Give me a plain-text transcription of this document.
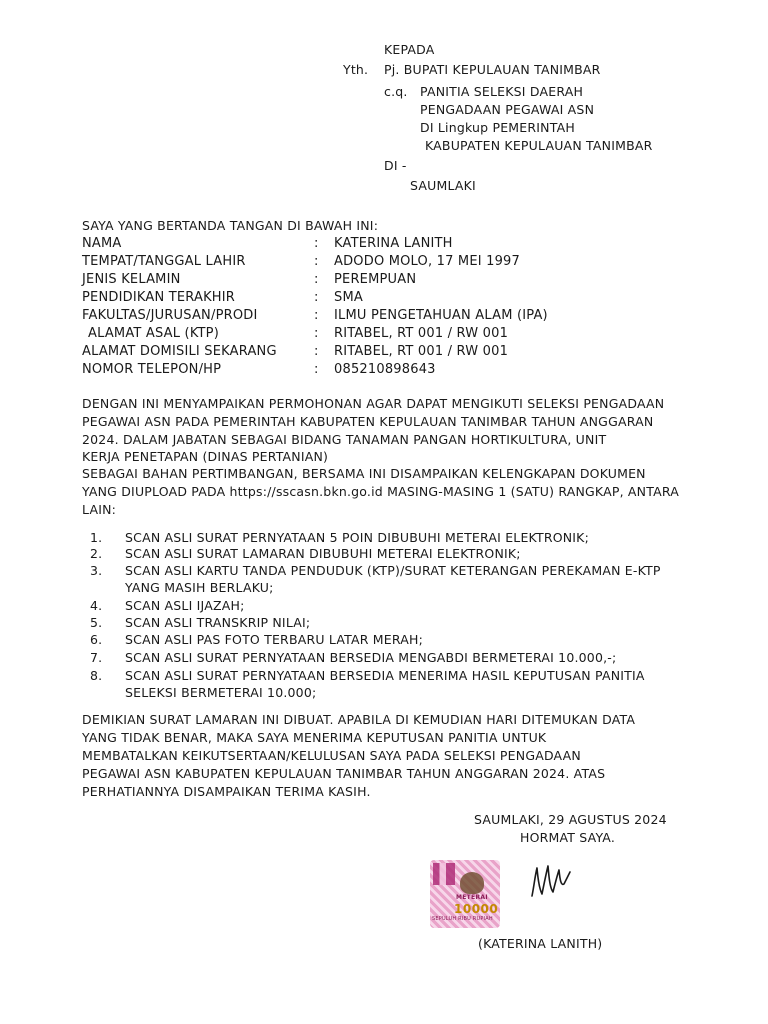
KEPADA
Yth. Pj. BUPATI KEPULAUAN TANIMBAR
c.q. PANITIA SELEKSI DAERAH
PENGADAAN PEGAWAI ASN
DI Lingkup PEMERINTAH
KABUPATEN KEPULAUAN TANIMBAR
DI -
SAUMLAKI
SAYA YANG BERTANDA TANGAN DI BAWAH INI:
NAMA	: KATERINA LANITH
TEMPAT/TANGGAL LAHIR	: ADODO MOLO, 17 MEI 1997
JENIS KELAMIN	: PEREMPUAN
PENDIDIKAN TERAKHIR	: SMA
FAKULTAS/JURUSAN/PRODI	: ILMU PENGETAHUAN ALAM (IPA)
ALAMAT ASAL (KTP)	: RITABEL, RT 001 / RW 001
ALAMAT DOMISILI SEKARANG	: RITABEL, RT 001 / RW 001
NOMOR TELEPON/HP	: 085210898643
DENGAN INI MENYAMPAIKAN PERMOHONAN AGAR DAPAT MENGIKUTI SELEKSI PENGADAAN
PEGAWAI ASN PADA PEMERINTAH KABUPATEN KEPULAUAN TANIMBAR TAHUN ANGGARAN
2024. DALAM JABATAN SEBAGAI BIDANG TANAMAN PANGAN HORTIKULTURA, UNIT
KERJA PENETAPAN (DINAS PERTANIAN)
SEBAGAI BAHAN PERTIMBANGAN, BERSAMA INI DISAMPAIKAN KELENGKAPAN DOKUMEN
YANG DIUPLOAD PADA https://sscasn.bkn.go.id MASING-MASING 1 (SATU) RANGKAP, ANTARA
LAIN:
1. SCAN ASLI SURAT PERNYATAAN 5 POIN DIBUBUHI METERAI ELEKTRONIK;
2. SCAN ASLI SURAT LAMARAN DIBUBUHI METERAI ELEKTRONIK;
3. SCAN ASLI KARTU TANDA PENDUDUK (KTP)/SURAT KETERANGAN PEREKAMAN E-KTP
YANG MASIH BERLAKU;
4. SCAN ASLI IJAZAH;
5. SCAN ASLI TRANSKRIP NILAI;
6. SCAN ASLI PAS FOTO TERBARU LATAR MERAH;
7. SCAN ASLI SURAT PERNYATAAN BERSEDIA MENGABDI BERMETERAI 10.000,-;
8. SCAN ASLI SURAT PERNYATAAN BERSEDIA MENERIMA HASIL KEPUTUSAN PANITIA
SELEKSI BERMETERAI 10.000;
DEMIKIAN SURAT LAMARAN INI DIBUAT. APABILA DI KEMUDIAN HARI DITEMUKAN DATA
YANG TIDAK BENAR, MAKA SAYA MENERIMA KEPUTUSAN PANITIA UNTUK
MEMBATALKAN KEIKUTSERTAAN/KELULUSAN SAYA PADA SELEKSI PENGADAAN
PEGAWAI ASN KABUPATEN KEPULAUAN TANIMBAR TAHUN ANGGARAN 2024. ATAS
PERHATIANNYA DISAMPAIKAN TERIMA KASIH.
SAUMLAKI, 29 AGUSTUS 2024
HORMAT SAYA.
METERAI
10000
SEPULUH RIBU RUPIAH
(KATERINA LANITH)
